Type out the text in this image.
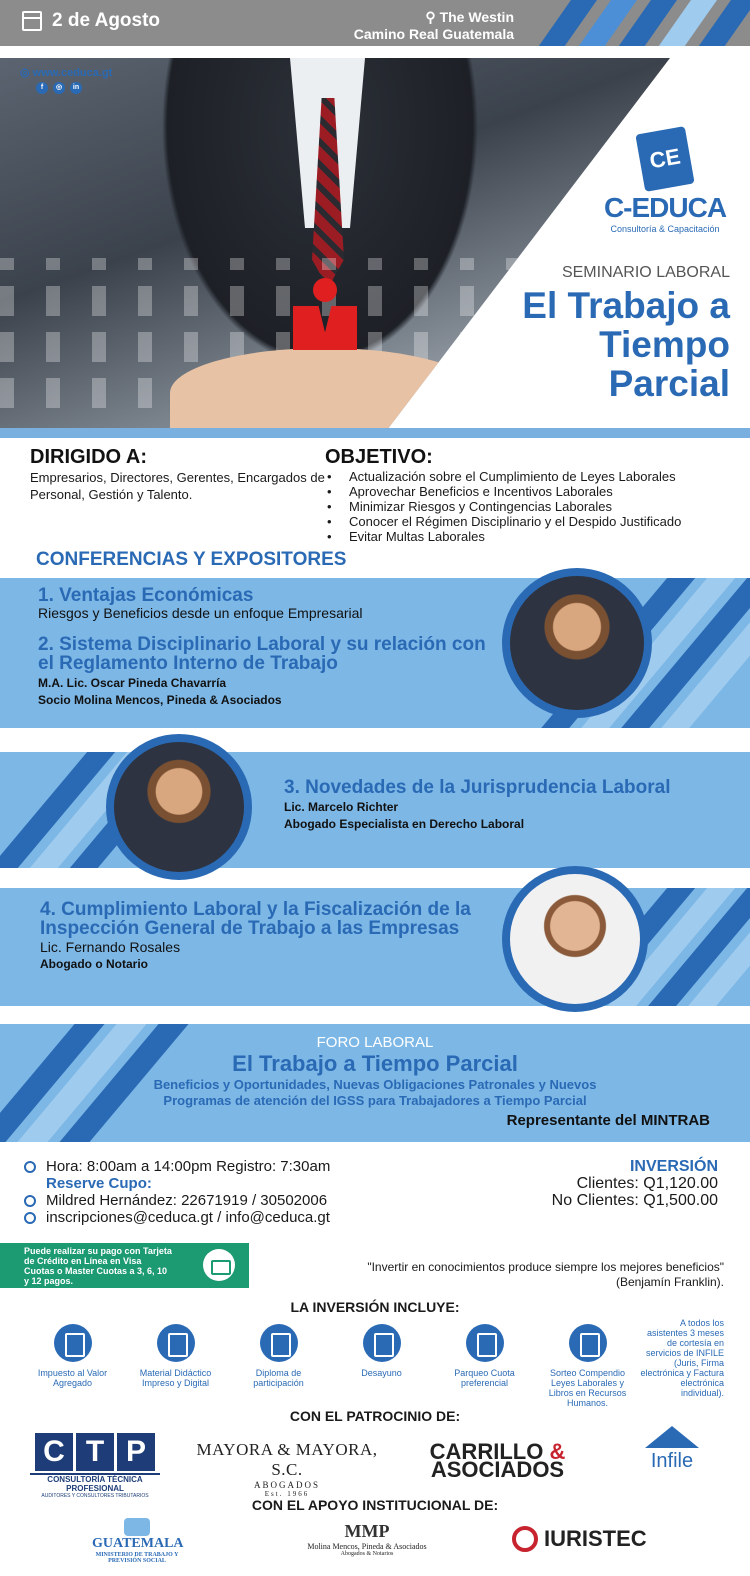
2 de Agosto	⚲ The Westin
Camino Real Guatemala
◎ www.ceduca.gt
f	◎	in
CE
C-EDUCA
Consultoría & Capacitación
SEMINARIO LABORAL
El Trabajo a Tiempo Parcial
DIRIGIDO A:

Empresarios, Directores, Gerentes, Encargados de Personal, Gestión y Talento.

OBJETIVO:
• Actualización sobre el Cumplimiento de Leyes Laborales
• Aprovechar Beneficios e Incentivos Laborales
• Minimizar Riesgos y Contingencias Laborales
• Conocer el Régimen Disciplinario y el Despido Justificado
• Evitar Multas Laborales
CONFERENCIAS Y EXPOSITORES
1. Ventajas Económicas
Riesgos y Beneficios desde un enfoque Empresarial
2. Sistema Disciplinario Laboral y su relación con el Reglamento Interno de Trabajo
M.A. Lic. Oscar Pineda Chavarría
Socio Molina Mencos, Pineda & Asociados
3. Novedades de la Jurisprudencia Laboral
Lic. Marcelo Richter
Abogado Especialista en Derecho Laboral
4. Cumplimiento Laboral y la Fiscalización de la Inspección General de Trabajo a las Empresas
Lic. Fernando Rosales
Abogado o Notario
FORO LABORAL
El Trabajo a Tiempo Parcial
Beneficios y Oportunidades, Nuevas Obligaciones Patronales y Nuevos Programas de atención del IGSS para Trabajadores a Tiempo Parcial
Representante del MINTRAB
Hora: 8:00am a 14:00pm Registro: 7:30am
Reserve Cupo:
Mildred Hernández: 22671919 / 30502006
inscripciones@ceduca.gt / info@ceduca.gt
INVERSIÓN
Clientes: Q1,120.00
No Clientes: Q1,500.00
Puede realizar su pago con Tarjeta de Crédito en Línea en Visa Cuotas o Master Cuotas a 3, 6, 10 y 12 pagos.
"Invertir en conocimientos produce siempre los mejores beneficios"
(Benjamín Franklin).
LA INVERSIÓN INCLUYE:
Impuesto al Valor Agregado
Material Didáctico Impreso y Digital
Diploma de participación
Desayuno	Parqueo Cuota preferencial
Sorteo Compendio Leyes Laborales y Libros en Recursos Humanos.
A todos los asistentes 3 meses de cortesía en servicios de INFILE (Juris, Firma electrónica y Factura electrónica individual).
CON EL PATROCINIO DE:
C T P
CONSULTORÍA TÉCNICA PROFESIONAL
AUDITORES Y CONSULTORES TRIBUTARIOS
MAYORA & MAYORA, S.C.
ABOGADOS
Est. 1966
CARRILLO &
ASOCIADOS	Infile
CON EL APOYO INSTITUCIONAL DE:
GUATEMALA
MINISTERIO DE TRABAJO Y PREVISIÓN SOCIAL
MMP
Molina Mencos, Pineda & Asociados
Abogados & Notarios
IURISTEC
